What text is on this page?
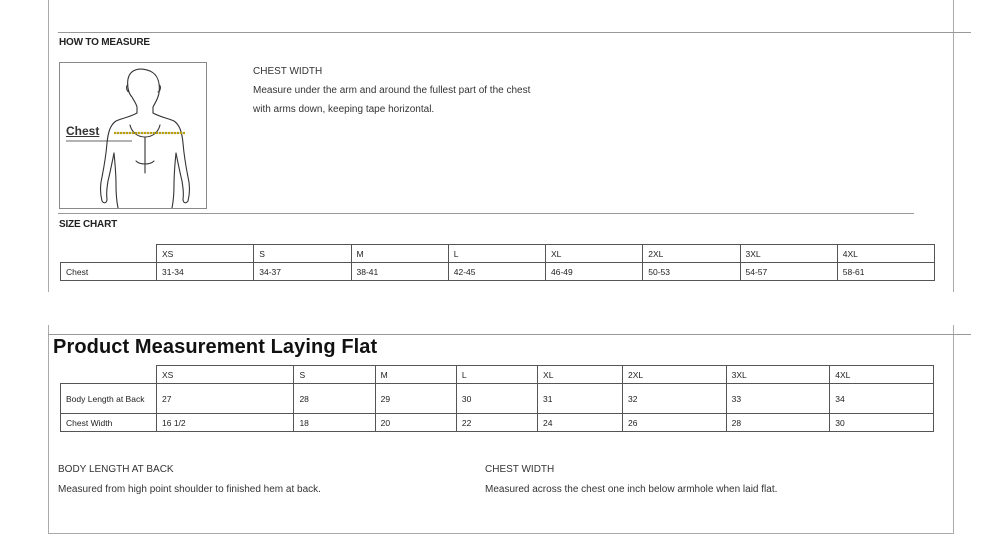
HOW TO MEASURE
Chest
CHEST WIDTH
Measure under the arm and around the fullest part of the chest
with arms down, keeping tape horizontal.
SIZE CHART
	XS	S	M	L	XL	2XL	3XL	4XL
Chest	31-34	34-37	38-41	42-45	46-49	50-53	54-57	58-61
Product Measurement Laying Flat
	XS	S	M	L	XL	2XL	3XL	4XL
Body Length at Back	27	28	29	30	31	32	33	34
Chest Width	16 1/2	18	20	22	24	26	28	30
BODY LENGTH AT BACK
Measured from high point shoulder to finished hem at back.
CHEST WIDTH
Measured across the chest one inch below armhole when laid flat.
